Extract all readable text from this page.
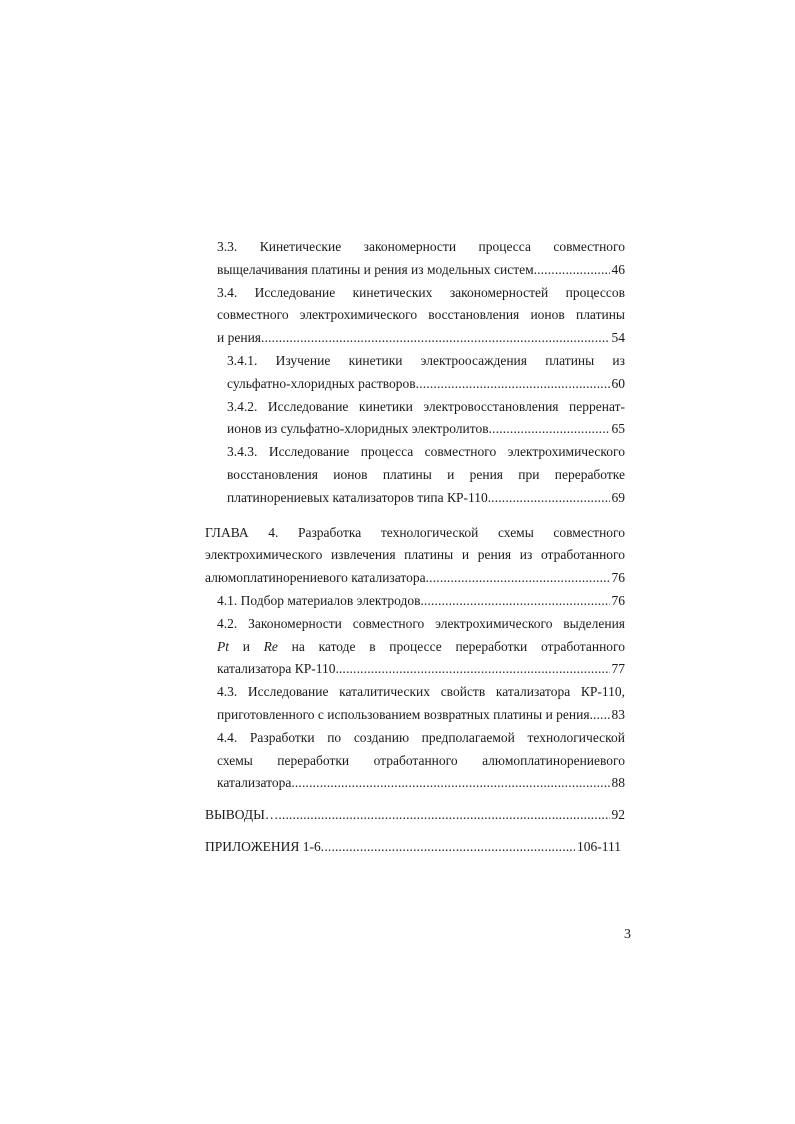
3.3. Кинетические закономерности процесса совместного
выщелачивания платины и рения из модельных систем. . . .	46
3.4. Исследование кинетических закономерностей процессов
совместного электрохимического восстановления ионов платины
и рения . . .	54
3.4.1. Изучение кинетики электроосаждения платины из
сульфатно-хлоридных растворов . . .	60
3.4.2. Исследование кинетики электровосстановления перренат-
ионов из сульфатно-хлоридных электролитов . . .	65
3.4.3. Исследование процесса совместного электрохимического
восстановления ионов платины и рения при переработке
платинорениевых катализаторов типа КР-110. . . .	69
ГЛАВА 4. Разработка технологической схемы совместного
электрохимического извлечения платины и рения из отработанного
алюмоплатинорениевого катализатора . . .	76
4.1. Подбор материалов электродов. . . .	76
4.2. Закономерности совместного электрохимического выделения
Pt и Re на катоде в процессе переработки отработанного
катализатора КР-110. . . .	77
4.3. Исследование каталитических свойств катализатора КР-110,
приготовленного с использованием возвратных платины и рения. . . . 83
4.4. Разработки по созданию предполагаемой технологической
схемы переработки отработанного алюмоплатинорениевого
катализатора . . .	88
ВЫВОДЫ… . . .	92
ПРИЛОЖЕНИЯ 1-6 . . .	106-111
3
